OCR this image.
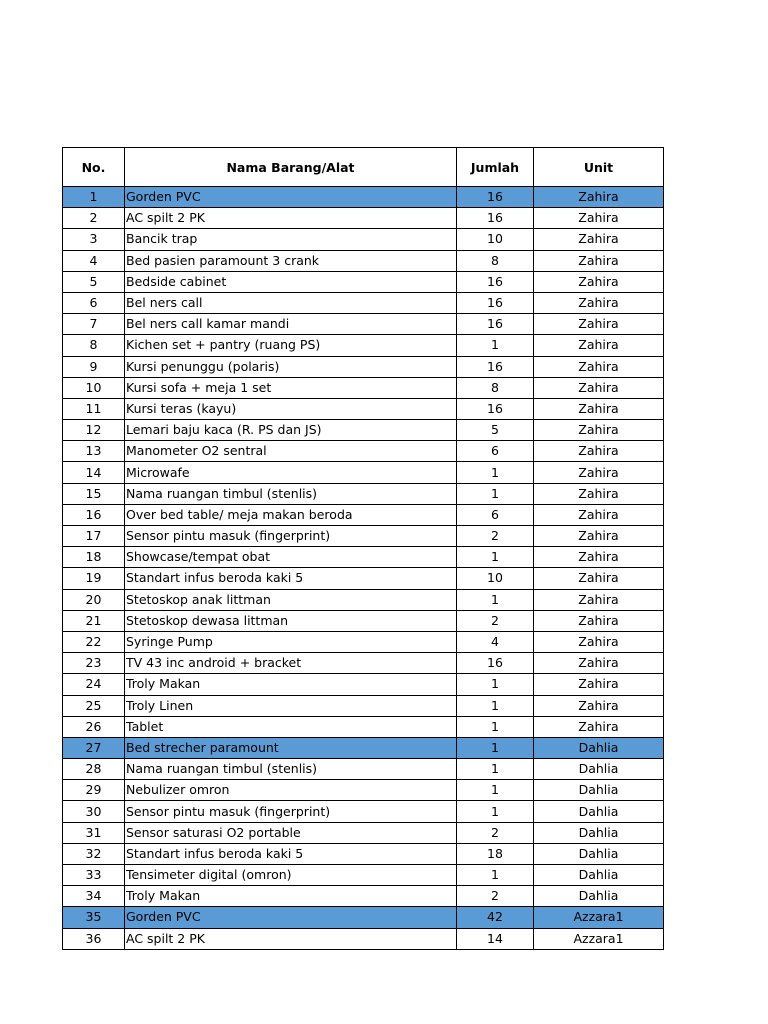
No.	Nama Barang/Alat	Jumlah	Unit
1	Gorden PVC	16	Zahira
2	AC spilt 2 PK	16	Zahira
3	Bancik trap	10	Zahira
4	Bed pasien paramount 3 crank	8	Zahira
5	Bedside cabinet	16	Zahira
6	Bel ners call	16	Zahira
7	Bel ners call kamar mandi	16	Zahira
8	Kichen set + pantry (ruang PS)	1	Zahira
9	Kursi penunggu (polaris)	16	Zahira
10	Kursi sofa + meja 1 set	8	Zahira
11	Kursi teras (kayu)	16	Zahira
12	Lemari baju kaca (R. PS dan JS)	5	Zahira
13	Manometer O2 sentral	6	Zahira
14	Microwafe	1	Zahira
15	Nama ruangan timbul (stenlis)	1	Zahira
16	Over bed table/ meja makan beroda	6	Zahira
17	Sensor pintu masuk (fingerprint)	2	Zahira
18	Showcase/tempat obat	1	Zahira
19	Standart infus beroda kaki 5	10	Zahira
20	Stetoskop anak littman	1	Zahira
21	Stetoskop dewasa littman	2	Zahira
22	Syringe Pump	4	Zahira
23	TV 43 inc android + bracket	16	Zahira
24	Troly Makan	1	Zahira
25	Troly Linen	1	Zahira
26	Tablet	1	Zahira
27	Bed strecher paramount	1	Dahlia
28	Nama ruangan timbul (stenlis)	1	Dahlia
29	Nebulizer omron	1	Dahlia
30	Sensor pintu masuk (fingerprint)	1	Dahlia
31	Sensor saturasi O2 portable	2	Dahlia
32	Standart infus beroda kaki 5	18	Dahlia
33	Tensimeter digital (omron)	1	Dahlia
34	Troly Makan	2	Dahlia
35	Gorden PVC	42	Azzara1
36	AC spilt 2 PK	14	Azzara1
